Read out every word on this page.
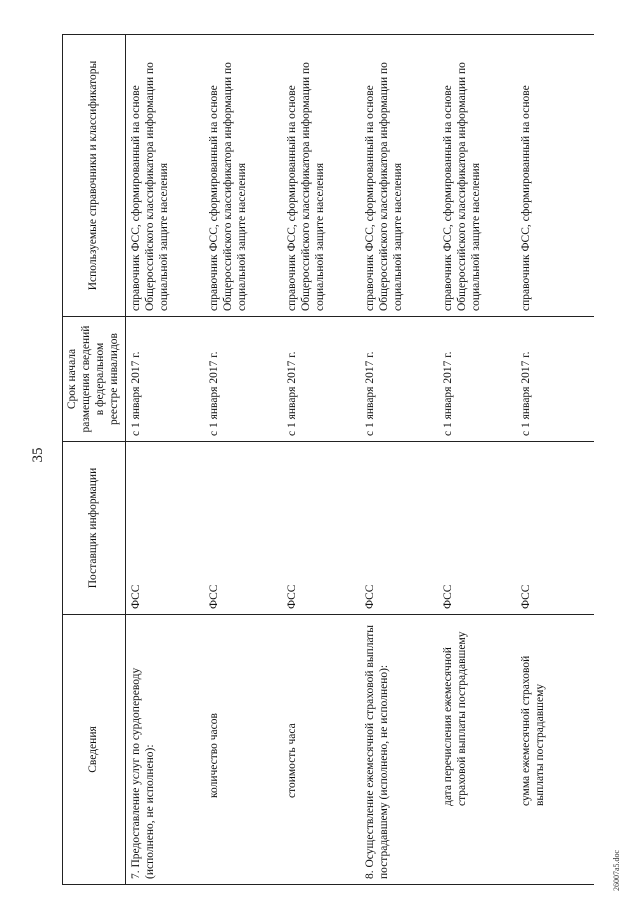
35
Сведения	Поставщик информации	Срок начала размещения сведений в федеральном реестре инвалидов	Используемые справочники и классификаторы
7. Предоставление услуг по сурдопереводу (исполнено, не исполнено):	ФСС	с 1 января 2017 г.	справочник ФСС, сформированный на основе Общероссийского классификатора информации по социальной защите населения
количество часов	ФСС	с 1 января 2017 г.	справочник ФСС, сформированный на основе Общероссийского классификатора информации по социальной защите населения
стоимость часа	ФСС	с 1 января 2017 г.	справочник ФСС, сформированный на основе Общероссийского классификатора информации по социальной защите населения
8. Осуществление ежемесячной страховой выплаты пострадавшему (исполнено, не исполнено):	ФСС	с 1 января 2017 г.	справочник ФСС, сформированный на основе Общероссийского классификатора информации по социальной защите населения
дата перечисления ежемесячной страховой выплаты пострадавшему	ФСС	с 1 января 2017 г.	справочник ФСС, сформированный на основе Общероссийского классификатора информации по социальной защите населения
сумма ежемесячной страховой выплаты пострадавшему	ФСС	с 1 января 2017 г.	справочник ФСС, сформированный на основе
26007a5.doc
